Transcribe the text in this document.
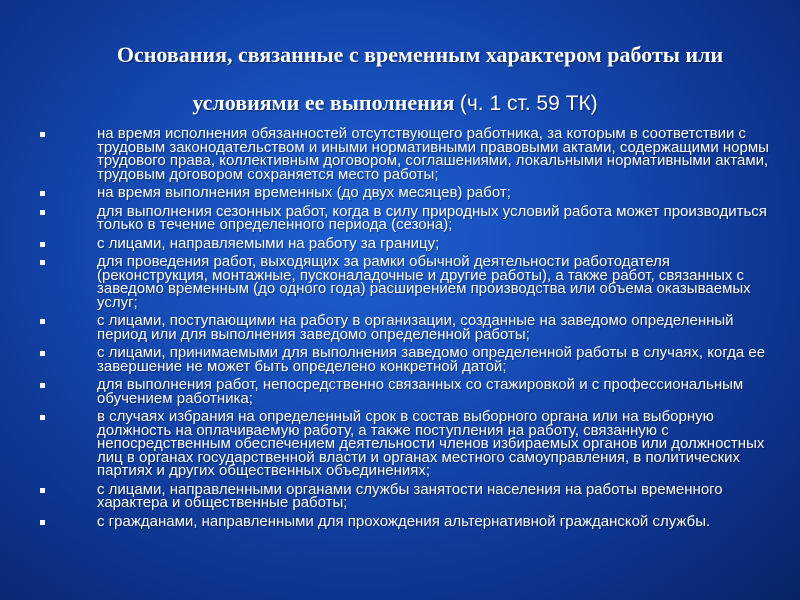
Основания, связанные с временным характером работы или
условиями ее выполнения (ч. 1 ст. 59 ТК)
на время исполнения обязанностей отсутствующего работника, за которым в соответствии с трудовым законодательством и иными нормативными правовыми актами, содержащими нормы трудового права, коллективным договором, соглашениями, локальными нормативными актами, трудовым договором сохраняется место работы;
на время выполнения временных (до двух месяцев) работ;
для выполнения сезонных работ, когда в силу природных условий работа может производиться только в течение определенного периода (сезона);
с лицами, направляемыми на работу за границу;
для проведения работ, выходящих за рамки обычной деятельности работодателя (реконструкция, монтажные, пусконаладочные и другие работы), а также работ, связанных с заведомо временным (до одного года) расширением производства или объема оказываемых услуг;
с лицами, поступающими на работу в организации, созданные на заведомо определенный период или для выполнения заведомо определенной работы;
с лицами, принимаемыми для выполнения заведомо определенной работы в случаях, когда ее завершение не может быть определено конкретной датой;
для выполнения работ, непосредственно связанных со стажировкой и с профессиональным обучением работника;
в случаях избрания на определенный срок в состав выборного органа или на выборную должность на оплачиваемую работу, а также поступления на работу, связанную с непосредственным обеспечением деятельности членов избираемых органов или должностных лиц в органах государственной власти и органах местного самоуправления, в политических партиях и других общественных объединениях;
с лицами, направленными органами службы занятости населения на работы временного характера и общественные работы;
с гражданами, направленными для прохождения альтернативной гражданской службы.
